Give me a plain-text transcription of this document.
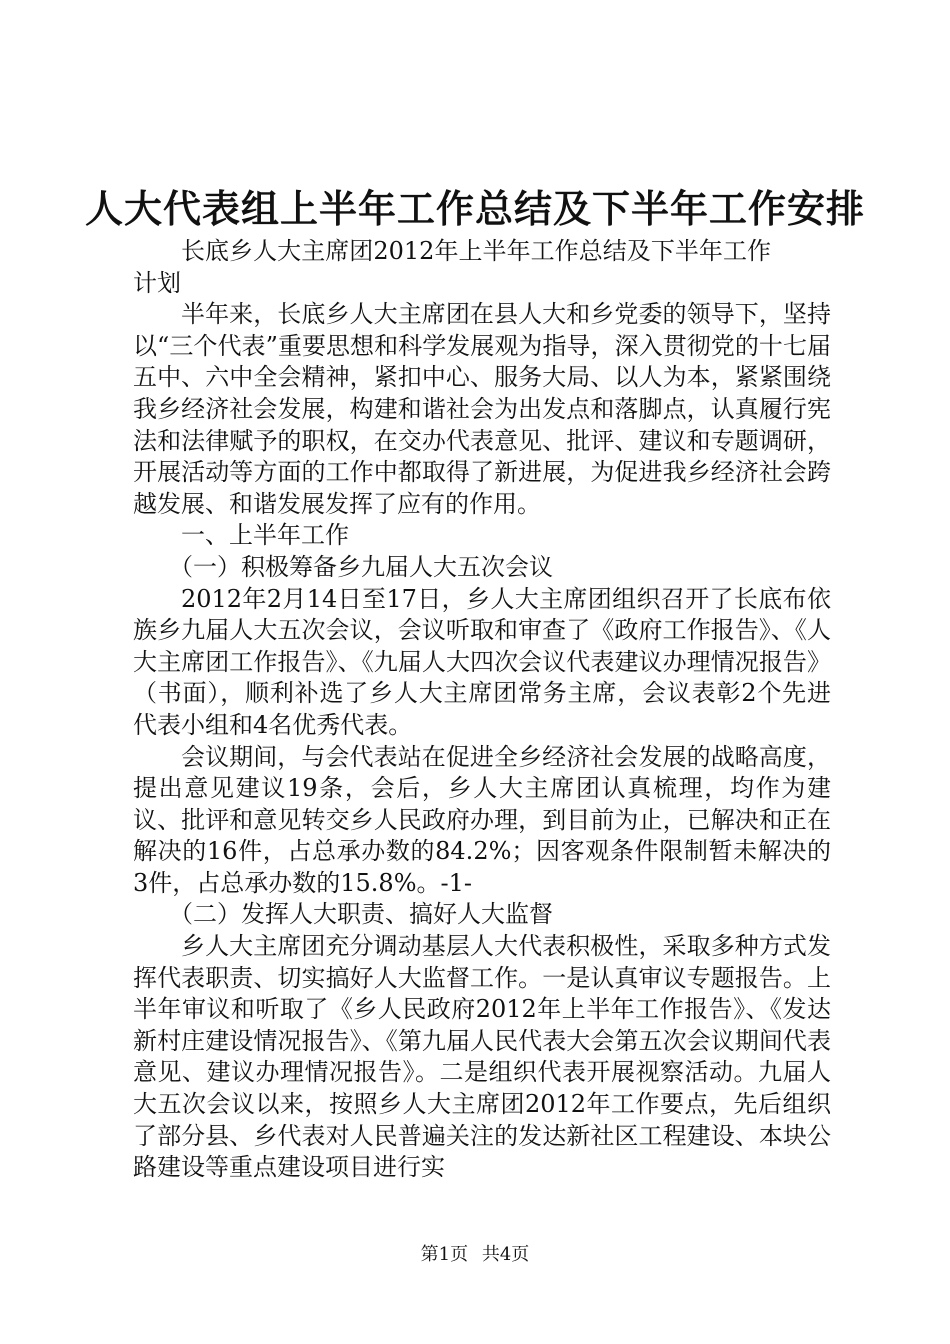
人大代表组上半年工作总结及下半年工作安排

长底乡人大主席团2012年上半年工作总结及下半年工作计划

半年来，长底乡人大主席团在县人大和乡党委的领导下，坚持以“三个代表”重要思想和科学发展观为指导，深入贯彻党的十七届五中、六中全会精神，紧扣中心、服务大局、以人为本，紧紧围绕我乡经济社会发展，构建和谐社会为出发点和落脚点，认真履行宪法和法律赋予的职权，在交办代表意见、批评、建议和专题调研，开展活动等方面的工作中都取得了新进展，为促进我乡经济社会跨越发展、和谐发展发挥了应有的作用。

一、上半年工作

（一）积极筹备乡九届人大五次会议

2012年2月14日至17日，乡人大主席团组织召开了长底布依族乡九届人大五次会议，会议听取和审查了《政府工作报告》、《人大主席团工作报告》、《九届人大四次会议代表建议办理情况报告》（书面），顺利补选了乡人大主席团常务主席，会议表彰2个先进代表小组和4名优秀代表。

会议期间，与会代表站在促进全乡经济社会发展的战略高度，提出意见建议19条，会后，乡人大主席团认真梳理，均作为建议、批评和意见转交乡人民政府办理，到目前为止，已解决和正在解决的16件，占总承办数的84.2%；因客观条件限制暂未解决的3件，占总承办数的15.8%。-1-

（二）发挥人大职责、搞好人大监督

乡人大主席团充分调动基层人大代表积极性，采取多种方式发挥代表职责、切实搞好人大监督工作。一是认真审议专题报告。上半年审议和听取了《乡人民政府2012年上半年工作报告》、《发达新村庄建设情况报告》、《第九届人民代表大会第五次会议期间代表意见、建议办理情况报告》。二是组织代表开展视察活动。九届人大五次会议以来，按照乡人大主席团2012年工作要点，先后组织了部分县、乡代表对人民普遍关注的发达新社区工程建设、本块公路建设等重点建设项目进行实

第1页 共4页
